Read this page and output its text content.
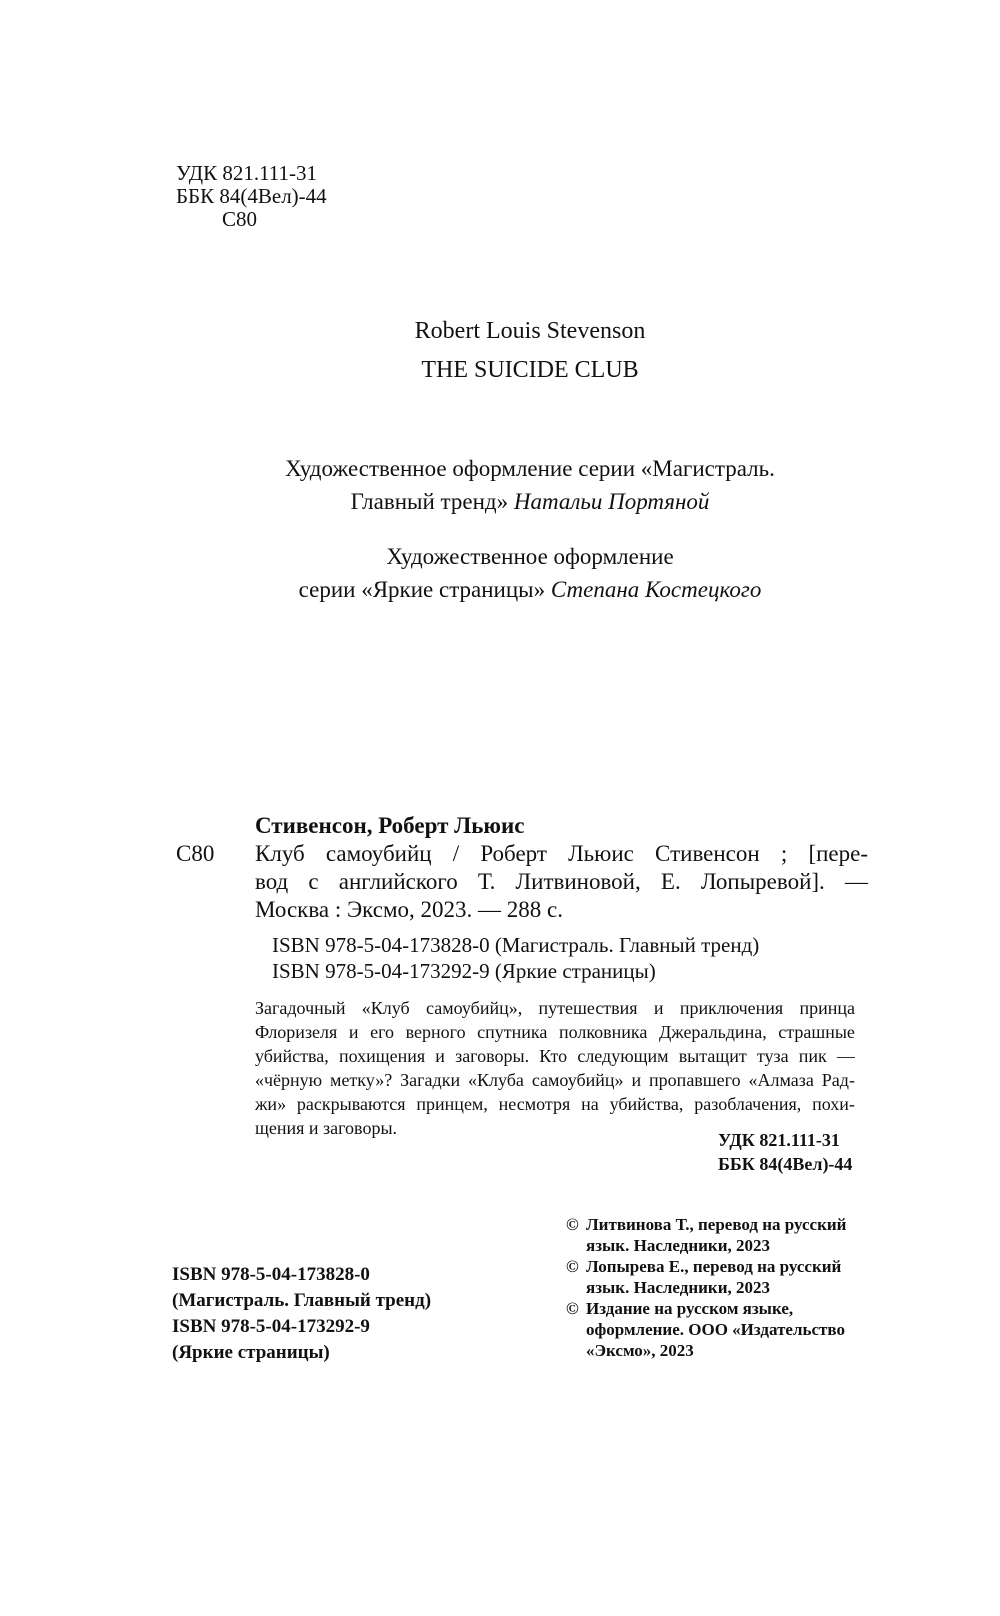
УДК 821.111-31
ББК 84(4Вел)-44
С80
Robert Louis Stevenson
THE SUICIDE CLUB
Художественное оформление серии «Магистраль.
Главный тренд» Натальи Портяной
Художественное оформление
серии «Яркие страницы» Степана Костецкого
Стивенсон, Роберт Льюис
С80 Клуб самоубийц / Роберт Льюис Стивенсон ; [пере-
вод с английского Т. Литвиновой, Е. Лопыревой]. —
Москва : Эксмо, 2023. — 288 с.
ISBN 978-5-04-173828-0 (Магистраль. Главный тренд)
ISBN 978-5-04-173292-9 (Яркие страницы)
Загадочный «Клуб самоубийц», путешествия и приключения принца
Флоризеля и его верного спутника полковника Джеральдина, страшные
убийства, похищения и заговоры. Кто следующим вытащит туза пик —
«чёрную метку»? Загадки «Клуба самоубийц» и пропавшего «Алмаза Рад-
жи» раскрываются принцем, несмотря на убийства, разоблачения, похи-
щения и заговоры.
УДК 821.111-31
ББК 84(4Вел)-44
© Литвинова Т., перевод на русский
язык. Наследники, 2023
© Лопырева Е., перевод на русский
язык. Наследники, 2023
© Издание на русском языке,
оформление. ООО «Издательство
«Эксмо», 2023
ISBN 978-5-04-173828-0
(Магистраль. Главный тренд)
ISBN 978-5-04-173292-9
(Яркие страницы)
